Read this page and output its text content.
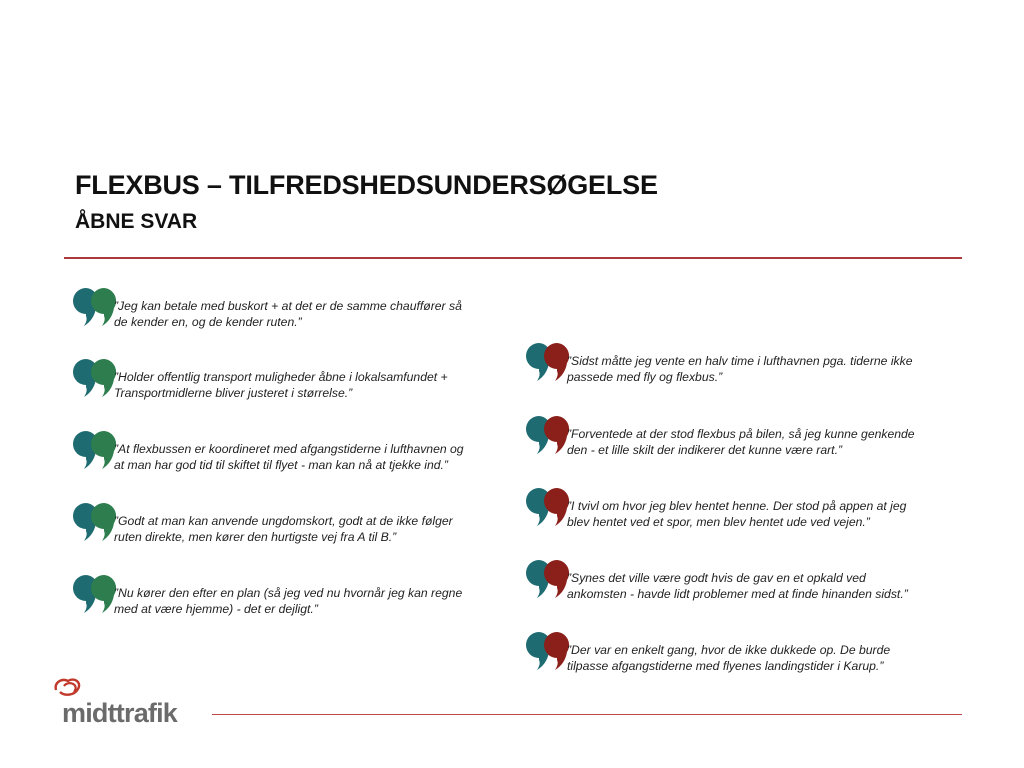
FLEXBUS – TILFREDSHEDSUNDERSØGELSE
ÅBNE SVAR
”Jeg kan betale med buskort + at det er de samme chauffører så
de kender en, og de kender ruten.”
”Holder offentlig transport muligheder åbne i lokalsamfundet +
Transportmidlerne bliver justeret i størrelse.”
”At flexbussen er koordineret med afgangstiderne i lufthavnen og
at man har god tid til skiftet til flyet - man kan nå at tjekke ind.”
”Godt at man kan anvende ungdomskort, godt at de ikke følger
ruten direkte, men kører den hurtigste vej fra A til B.”
”Nu kører den efter en plan (så jeg ved nu hvornår jeg kan regne
med at være hjemme) - det er dejligt.”
”Sidst måtte jeg vente en halv time i lufthavnen pga. tiderne ikke
passede med fly og flexbus.”
”Forventede at der stod flexbus på bilen, så jeg kunne genkende
den - et lille skilt der indikerer det kunne være rart.”
”I tvivl om hvor jeg blev hentet henne. Der stod på appen at jeg
blev hentet ved et spor, men blev hentet ude ved vejen.”
”Synes det ville være godt hvis de gav en et opkald ved
ankomsten - havde lidt problemer med at finde hinanden sidst.”
”Der var en enkelt gang, hvor de ikke dukkede op. De burde
tilpasse afgangstiderne med flyenes landingstider i Karup.”
midttrafik
